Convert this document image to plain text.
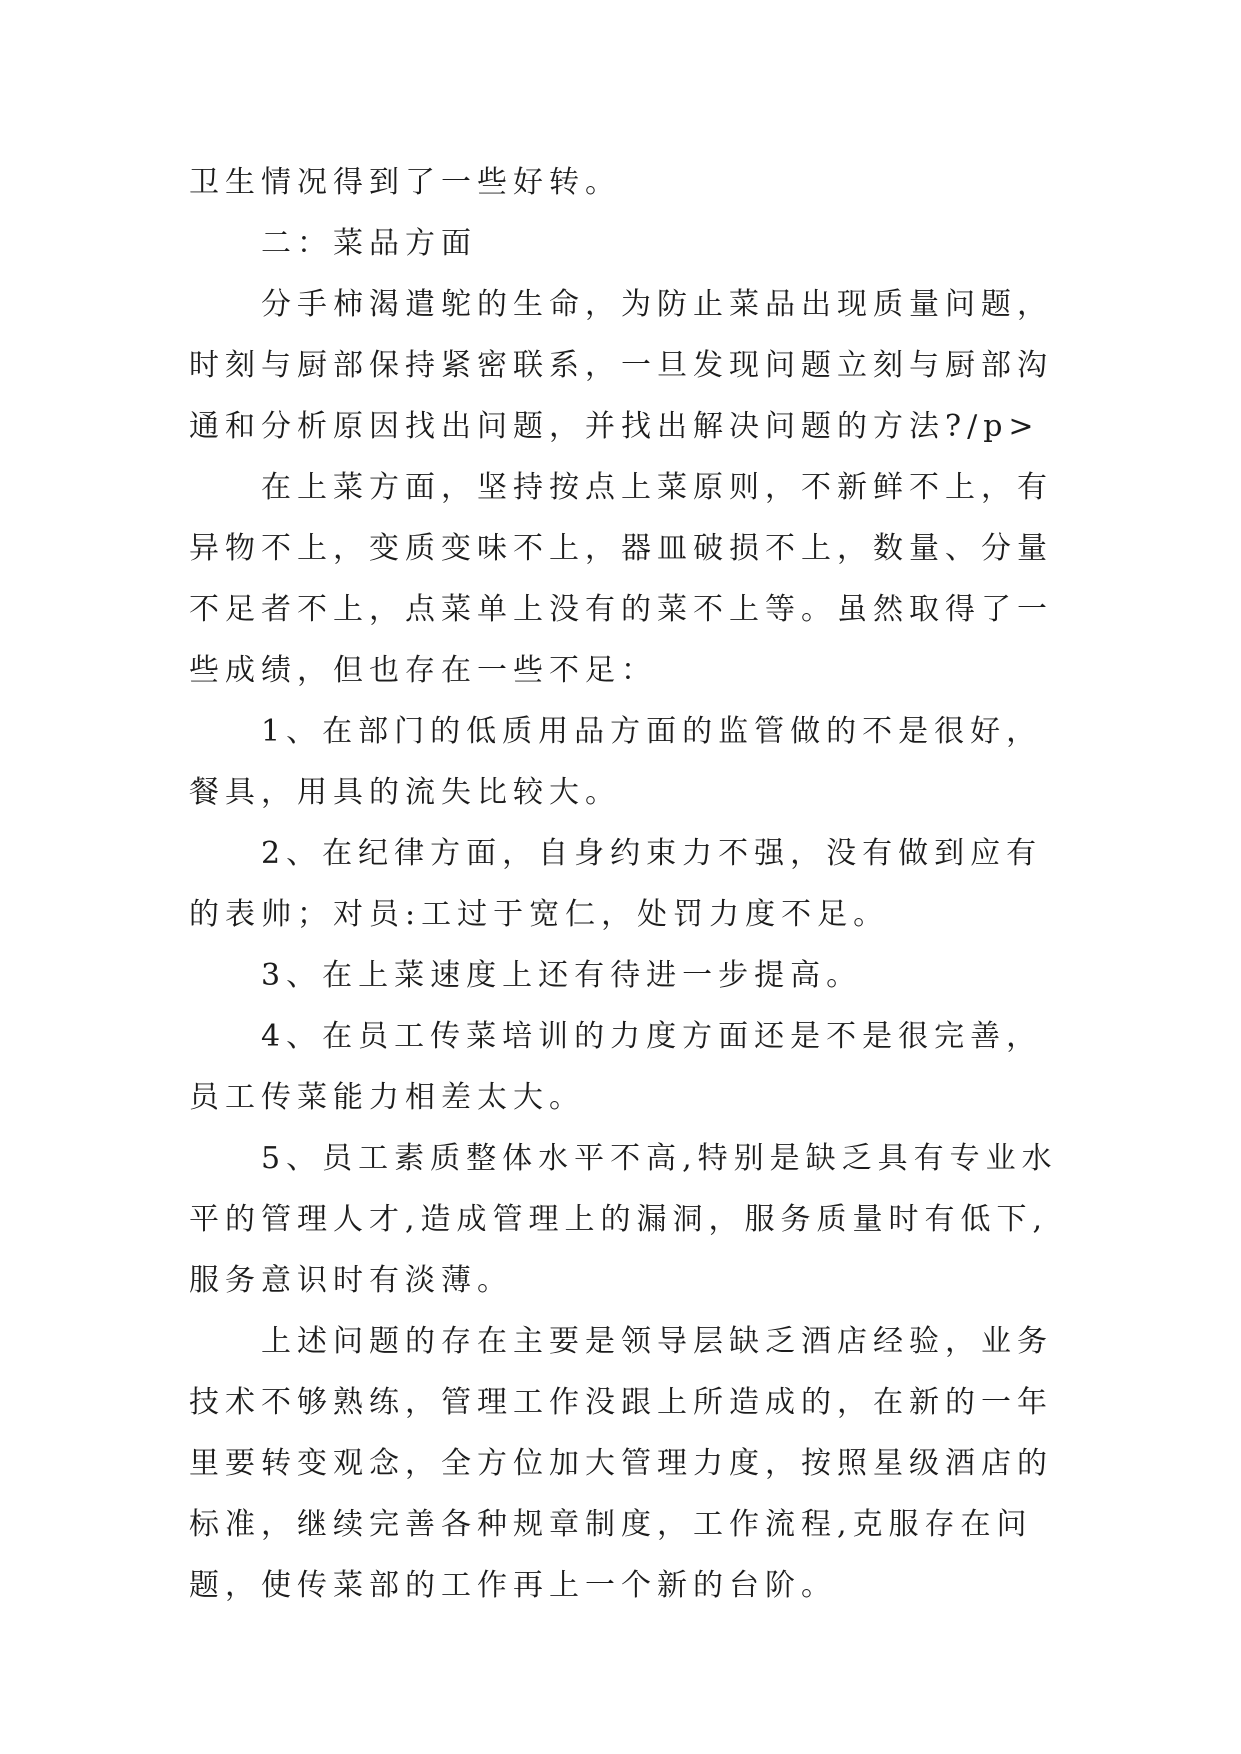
卫生情况得到了一些好转。

二：菜品方面

分手柿渴遣鸵的生命，为防止菜品出现质量问题，时刻与厨部保持紧密联系，一旦发现问题立刻与厨部沟通和分析原因找出问题，并找出解决问题的方法?/p>

在上菜方面，坚持按点上菜原则，不新鲜不上，有异物不上，变质变味不上，器皿破损不上，数量、分量不足者不上，点菜单上没有的菜不上等。虽然取得了一些成绩，但也存在一些不足：

1、在部门的低质用品方面的监管做的不是很好，餐具，用具的流失比较大。

2、在纪律方面，自身约束力不强，没有做到应有的表帅；对员:工过于宽仁，处罚力度不足。

3、在上菜速度上还有待进一步提高。

4、在员工传菜培训的力度方面还是不是很完善，员工传菜能力相差太大。

5、员工素质整体水平不高,特别是缺乏具有专业水平的管理人才,造成管理上的漏洞，服务质量时有低下,服务意识时有淡薄。

上述问题的存在主要是领导层缺乏酒店经验，业务技术不够熟练，管理工作没跟上所造成的，在新的一年里要转变观念，全方位加大管理力度，按照星级酒店的标准，继续完善各种规章制度，工作流程,克服存在问题，使传菜部的工作再上一个新的台阶。
